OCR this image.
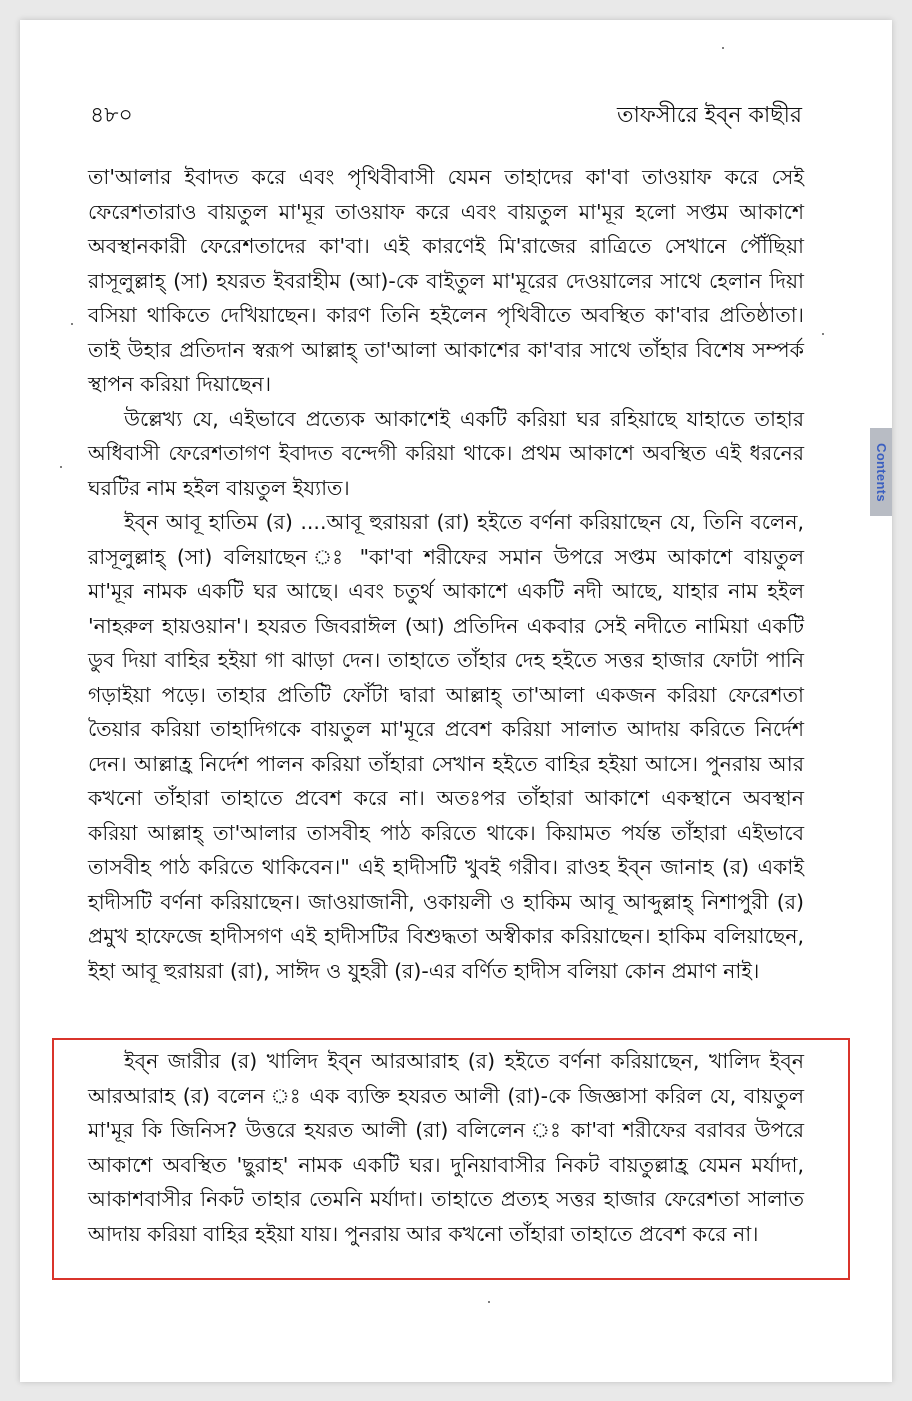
৪৮০	তাফসীরে ইব্ন কাছীর

তা'আলার ইবাদত করে এবং পৃথিবীবাসী যেমন তাহাদের কা'বা তাওয়াফ করে সেই ফেরেশতারাও বায়তুল মা'মূর তাওয়াফ করে এবং বায়তুল মা'মূর হলো সপ্তম আকাশে অবস্থানকারী ফেরেশতাদের কা'বা। এই কারণেই মি'রাজের রাত্রিতে সেখানে পৌঁছিয়া রাসূলুল্লাহ্ (সা) হযরত ইবরাহীম (আ)-কে বাইতুল মা'মূরের দেওয়ালের সাথে হেলান দিয়া বসিয়া থাকিতে দেখিয়াছেন। কারণ তিনি হইলেন পৃথিবীতে অবস্থিত কা'বার প্রতিষ্ঠাতা। তাই উহার প্রতিদান স্বরূপ আল্লাহ্ তা'আলা আকাশের কা'বার সাথে তাঁহার বিশেষ সম্পর্ক স্থাপন করিয়া দিয়াছেন।

উল্লেখ্য যে, এইভাবে প্রত্যেক আকাশেই একটি করিয়া ঘর রহিয়াছে যাহাতে তাহার অধিবাসী ফেরেশতাগণ ইবাদত বন্দেগী করিয়া থাকে। প্রথম আকাশে অবস্থিত এই ধরনের ঘরটির নাম হইল বায়তুল ইয্যাত।

ইব্ন আবূ হাতিম (র) ....আবূ হুরায়রা (রা) হইতে বর্ণনা করিয়াছেন যে, তিনি বলেন, রাসূলুল্লাহ্ (সা) বলিয়াছেন ঃ "কা'বা শরীফের সমান উপরে সপ্তম আকাশে বায়তুল মা'মূর নামক একটি ঘর আছে। এবং চতুর্থ আকাশে একটি নদী আছে, যাহার নাম হইল 'নাহরুল হায়ওয়ান'। হযরত জিবরাঈল (আ) প্রতিদিন একবার সেই নদীতে নামিয়া একটি ডুব দিয়া বাহির হইয়া গা ঝাড়া দেন। তাহাতে তাঁহার দেহ হইতে সত্তর হাজার ফোটা পানি গড়াইয়া পড়ে। তাহার প্রতিটি ফোঁটা দ্বারা আল্লাহ্ তা'আলা একজন করিয়া ফেরেশতা তৈয়ার করিয়া তাহাদিগকে বায়তুল মা'মূরে প্রবেশ করিয়া সালাত আদায় করিতে নির্দেশ দেন। আল্লাহ্র নির্দেশ পালন করিয়া তাঁহারা সেখান হইতে বাহির হইয়া আসে। পুনরায় আর কখনো তাঁহারা তাহাতে প্রবেশ করে না। অতঃপর তাঁহারা আকাশে একস্থানে অবস্থান করিয়া আল্লাহ্ তা'আলার তাসবীহ পাঠ করিতে থাকে। কিয়ামত পর্যন্ত তাঁহারা এইভাবে তাসবীহ পাঠ করিতে থাকিবেন।" এই হাদীসটি খুবই গরীব। রাওহ ইব্ন জানাহ (র) একাই হাদীসটি বর্ণনা করিয়াছেন। জাওয়াজানী, ওকায়লী ও হাকিম আবূ আব্দুল্লাহ্ নিশাপুরী (র) প্রমুখ হাফেজে হাদীসগণ এই হাদীসটির বিশুদ্ধতা অস্বীকার করিয়াছেন। হাকিম বলিয়াছেন, ইহা আবূ হুরায়রা (রা), সাঈদ ও যুহরী (র)-এর বর্ণিত হাদীস বলিয়া কোন প্রমাণ নাই।

ইব্ন জারীর (র) খালিদ ইব্ন আরআরাহ (র) হইতে বর্ণনা করিয়াছেন, খালিদ ইব্ন আরআরাহ (র) বলেন ঃ এক ব্যক্তি হযরত আলী (রা)-কে জিজ্ঞাসা করিল যে, বায়তুল মা'মূর কি জিনিস? উত্তরে হযরত আলী (রা) বলিলেন ঃ কা'বা শরীফের বরাবর উপরে আকাশে অবস্থিত 'ছুরাহ' নামক একটি ঘর। দুনিয়াবাসীর নিকট বায়তুল্লাহ্র যেমন মর্যাদা, আকাশবাসীর নিকট তাহার তেমনি মর্যাদা। তাহাতে প্রত্যহ সত্তর হাজার ফেরেশতা সালাত আদায় করিয়া বাহির হইয়া যায়। পুনরায় আর কখনো তাঁহারা তাহাতে প্রবেশ করে না।

Contents
